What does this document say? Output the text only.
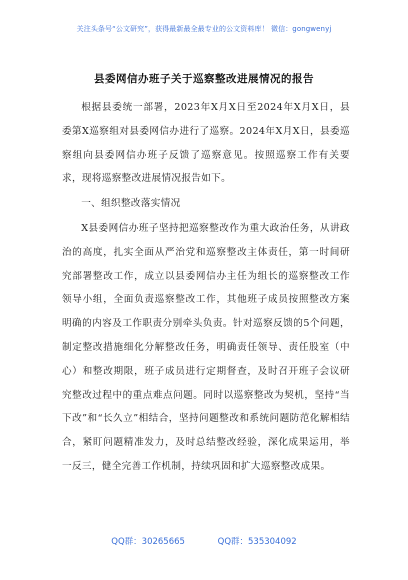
关注头条号“公文研究”，获得最新最全最专业的公文资料库！ 微信：gongwenyj
县委网信办班子关于巡察整改进展情况的报告

根据县委统一部署，2023年X月X日至2024年X月X日，县委第X巡察组对县委网信办进行了巡察。2024年X月X日，县委巡察组向县委网信办班子反馈了巡察意见。按照巡察工作有关要求，现将巡察整改进展情况报告如下。

一、组织整改落实情况

X县委网信办班子坚持把巡察整改作为重大政治任务，从讲政治的高度，扎实全面从严治党和巡察整改主体责任，第一时间研究部署整改工作，成立以县委网信办主任为组长的巡察整改工作领导小组，全面负责巡察整改工作，其他班子成员按照整改方案明确的内容及工作职责分别牵头负责。针对巡察反馈的5个问题，制定整改措施细化分解整改任务，明确责任领导、责任股室（中心）和整改期限，班子成员进行定期督查，及时召开班子会议研究整改过程中的重点难点问题。同时以巡察整改为契机，坚持“当下改”和“长久立”相结合，坚持问题整改和系统问题防范化解相结合，紧盯问题精准发力，及时总结整改经验，深化成果运用，举一反三，健全完善工作机制，持续巩固和扩大巡察整改成果。

QQ群：30265665	QQ群：535304092
